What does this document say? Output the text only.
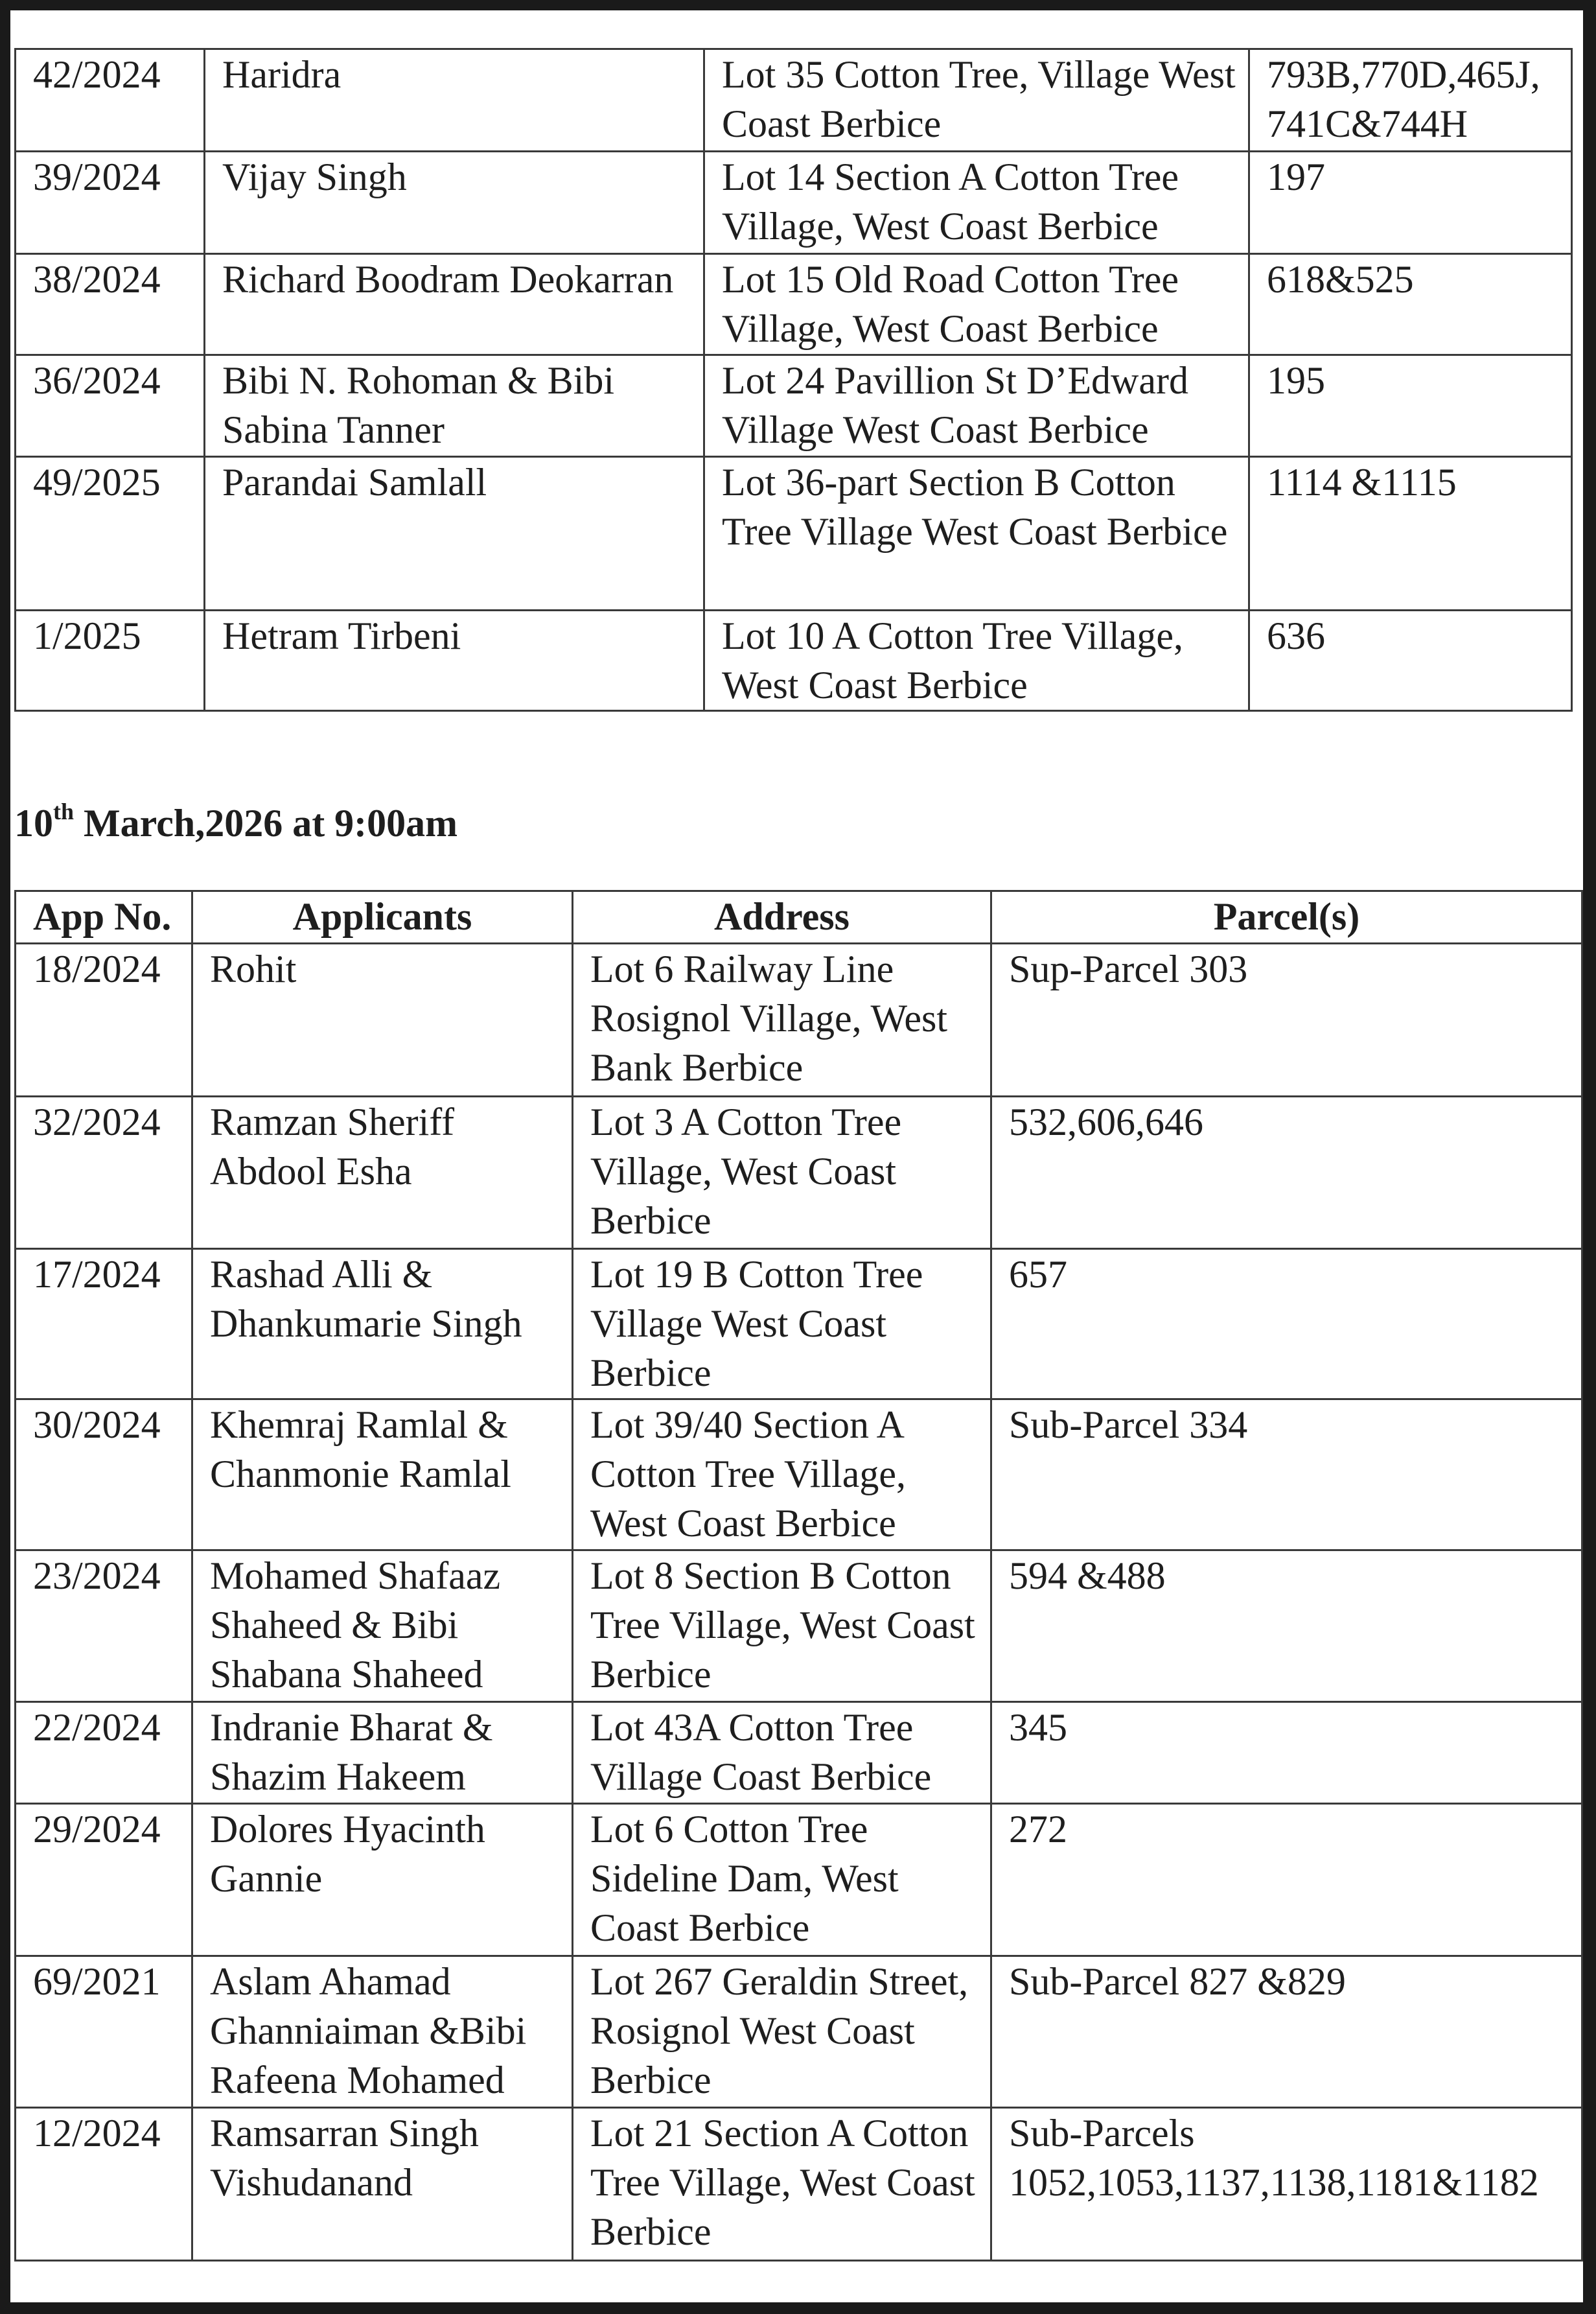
42/2024	Haridra	Lot 35 Cotton Tree, Village West Coast Berbice	793B,770D,465J, 741C&744H
39/2024	Vijay Singh	Lot 14 Section A Cotton Tree Village, West Coast Berbice	197
38/2024	Richard Boodram Deokarran	Lot 15 Old Road Cotton Tree Village, West Coast Berbice	618&525
36/2024	Bibi N. Rohoman & Bibi Sabina Tanner	Lot 24 Pavillion St D’Edward Village West Coast Berbice	195
49/2025	Parandai Samlall	Lot 36-part Section B Cotton Tree Village West Coast Berbice	1114 &1115
1/2025	Hetram Tirbeni	Lot 10 A Cotton Tree Village, West Coast Berbice	636
10th March,2026 at 9:00am
App No.	Applicants	Address	Parcel(s)
18/2024	Rohit	Lot 6 Railway Line Rosignol Village, West Bank Berbice	Sup-Parcel 303
32/2024	Ramzan Sheriff Abdool Esha	Lot 3 A Cotton Tree Village, West Coast Berbice	532,606,646
17/2024	Rashad Alli & Dhankumarie Singh	Lot 19 B Cotton Tree Village West Coast Berbice	657
30/2024	Khemraj Ramlal & Chanmonie Ramlal	Lot 39/40 Section A Cotton Tree Village, West Coast Berbice	Sub-Parcel 334
23/2024	Mohamed Shafaaz Shaheed & Bibi Shabana Shaheed	Lot 8 Section B Cotton Tree Village, West Coast Berbice	594 &488
22/2024	Indranie Bharat & Shazim Hakeem	Lot 43A Cotton Tree Village Coast Berbice	345
29/2024	Dolores Hyacinth Gannie	Lot 6 Cotton Tree Sideline Dam, West Coast Berbice	272
69/2021	Aslam Ahamad Ghanniaiman &Bibi Rafeena Mohamed	Lot 267 Geraldin Street, Rosignol West Coast Berbice	Sub-Parcel 827 &829
12/2024	Ramsarran Singh Vishudanand	Lot 21 Section A Cotton Tree Village, West Coast Berbice	Sub-Parcels 1052,1053,1137,1138,1181&1182
